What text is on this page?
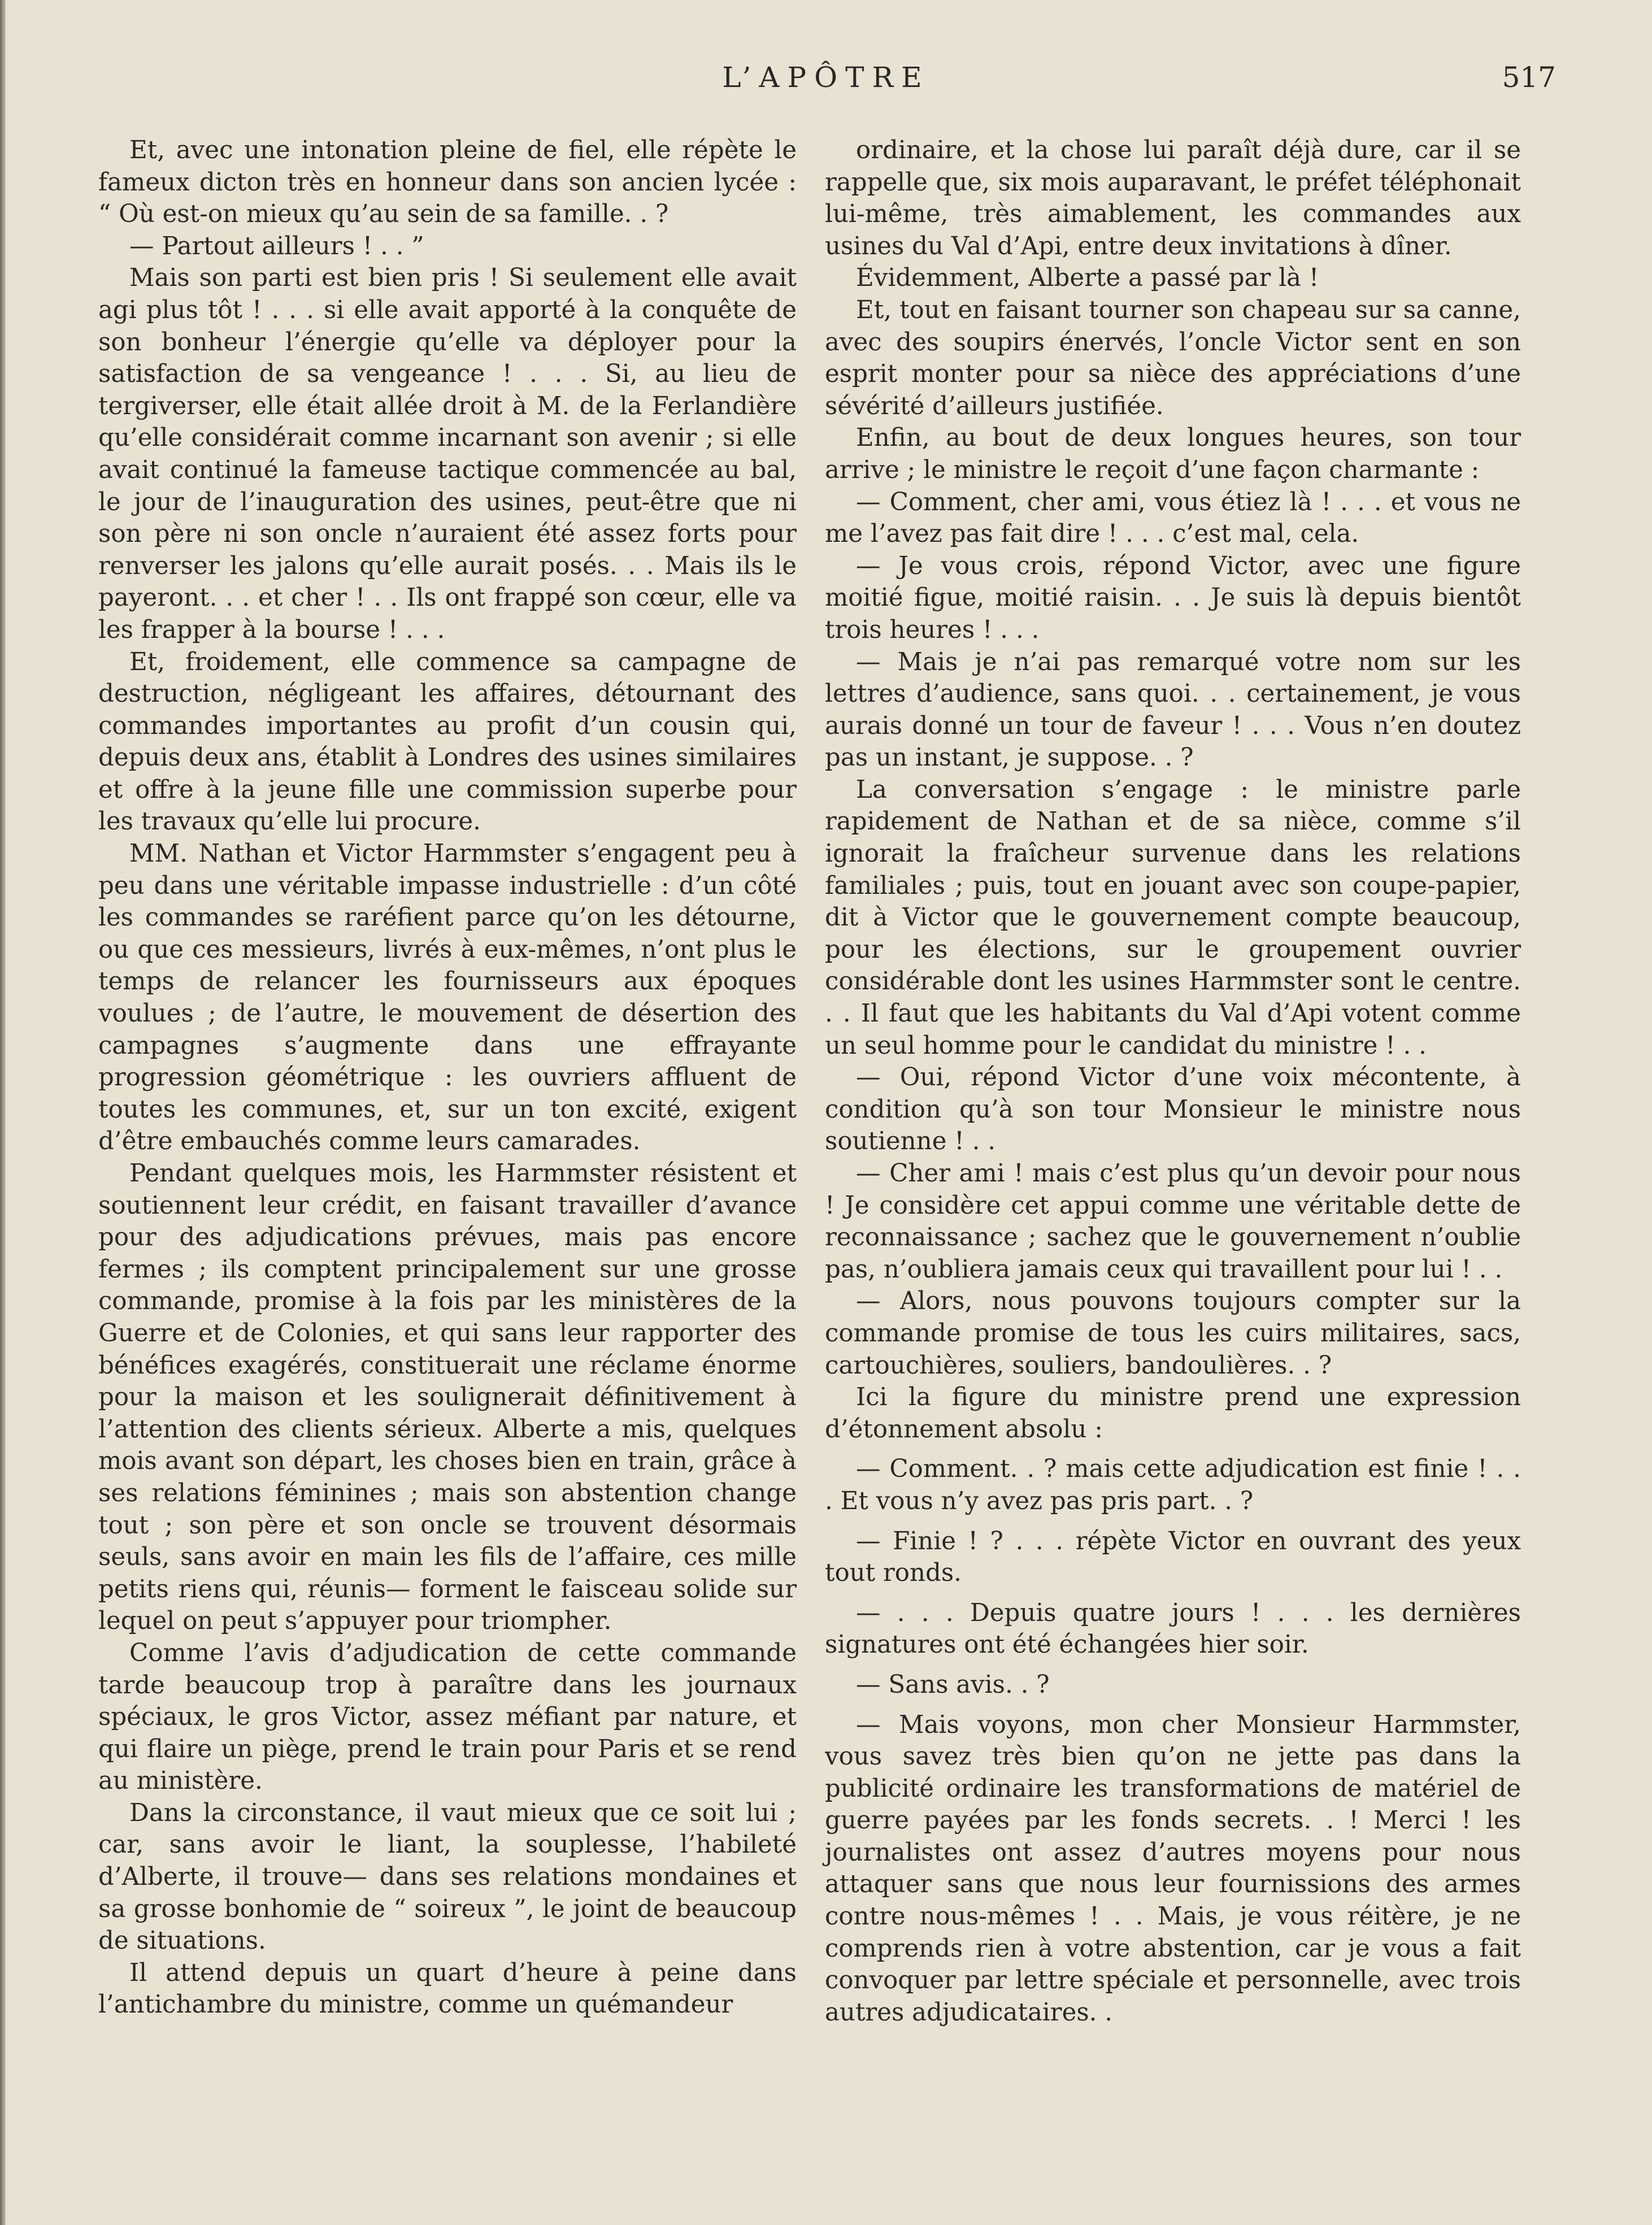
L’APÔTRE	517

Et, avec une intonation pleine de fiel, elle répète le fameux dicton très en honneur dans son ancien lycée : “ Où est-on mieux qu’au sein de sa famille. . ?

— Partout ailleurs ! . . ”

Mais son parti est bien pris ! Si seulement elle avait agi plus tôt ! . . . si elle avait apporté à la conquête de son bonheur l’énergie qu’elle va déployer pour la satisfaction de sa vengeance ! . . . Si, au lieu de tergiverser, elle était allée droit à M. de la Ferlandière qu’elle considérait comme incarnant son avenir ; si elle avait continué la fameuse tactique commencée au bal, le jour de l’inauguration des usines, peut-être que ni son père ni son oncle n’auraient été assez forts pour renverser les jalons qu’elle aurait posés. . . Mais ils le payeront. . . et cher ! . . Ils ont frappé son cœur, elle va les frapper à la bourse ! . . .

Et, froidement, elle commence sa campagne de destruction, négligeant les affaires, détournant des commandes importantes au profit d’un cousin qui, depuis deux ans, établit à Londres des usines similaires et offre à la jeune fille une commission superbe pour les travaux qu’elle lui procure.

MM. Nathan et Victor Harmmster s’engagent peu à peu dans une véritable impasse industrielle : d’un côté les commandes se raréfient parce qu’on les détourne, ou que ces messieurs, livrés à eux-mêmes, n’ont plus le temps de relancer les fournisseurs aux époques voulues ; de l’autre, le mouvement de désertion des campagnes s’augmente dans une effrayante progression géométrique : les ouvriers affluent de toutes les communes, et, sur un ton excité, exigent d’être embauchés comme leurs camarades.

Pendant quelques mois, les Harmmster résistent et soutiennent leur crédit, en faisant travailler d’avance pour des adjudications prévues, mais pas encore fermes ; ils comptent principalement sur une grosse commande, promise à la fois par les ministères de la Guerre et de Colonies, et qui sans leur rapporter des bénéfices exagérés, constituerait une réclame énorme pour la maison et les soulignerait définitivement à l’attention des clients sérieux. Alberte a mis, quelques mois avant son départ, les choses bien en train, grâce à ses relations féminines ; mais son abstention change tout ; son père et son oncle se trouvent désormais seuls, sans avoir en main les fils de l’affaire, ces mille petits riens qui, réunis— forment le faisceau solide sur lequel on peut s’appuyer pour triompher.

Comme l’avis d’adjudication de cette commande tarde beaucoup trop à paraître dans les journaux spéciaux, le gros Victor, assez méfiant par nature, et qui flaire un piège, prend le train pour Paris et se rend au ministère.

Dans la circonstance, il vaut mieux que ce soit lui ; car, sans avoir le liant, la souplesse, l’habileté d’Alberte, il trouve— dans ses relations mondaines et sa grosse bonhomie de “ soireux ”, le joint de beaucoup de situations.

Il attend depuis un quart d’heure à peine dans l’antichambre du ministre, comme un quémandeur

ordinaire, et la chose lui paraît déjà dure, car il se rappelle que, six mois auparavant, le préfet téléphonait lui-même, très aimablement, les commandes aux usines du Val d’Api, entre deux invitations à dîner.

Évidemment, Alberte a passé par là !

Et, tout en faisant tourner son chapeau sur sa canne, avec des soupirs énervés, l’oncle Victor sent en son esprit monter pour sa nièce des appréciations d’une sévérité d’ailleurs justifiée.

Enfin, au bout de deux longues heures, son tour arrive ; le ministre le reçoit d’une façon charmante :

— Comment, cher ami, vous étiez là ! . . . et vous ne me l’avez pas fait dire ! . . . c’est mal, cela.

— Je vous crois, répond Victor, avec une figure moitié figue, moitié raisin. . . Je suis là depuis bientôt trois heures ! . . .

— Mais je n’ai pas remarqué votre nom sur les lettres d’audience, sans quoi. . . certainement, je vous aurais donné un tour de faveur ! . . . Vous n’en doutez pas un instant, je suppose. . ?

La conversation s’engage : le ministre parle rapidement de Nathan et de sa nièce, comme s’il ignorait la fraîcheur survenue dans les relations familiales ; puis, tout en jouant avec son coupe-papier, dit à Victor que le gouvernement compte beaucoup, pour les élections, sur le groupement ouvrier considérable dont les usines Harmmster sont le centre. . . Il faut que les habitants du Val d’Api votent comme un seul homme pour le candidat du ministre ! . .

— Oui, répond Victor d’une voix mécontente, à condition qu’à son tour Monsieur le ministre nous soutienne ! . .

— Cher ami ! mais c’est plus qu’un devoir pour nous ! Je considère cet appui comme une véritable dette de reconnaissance ; sachez que le gouvernement n’oublie pas, n’oubliera jamais ceux qui travaillent pour lui ! . .

— Alors, nous pouvons toujours compter sur la commande promise de tous les cuirs militaires, sacs, cartouchières, souliers, bandoulières. . ?

Ici la figure du ministre prend une expression d’étonnement absolu :

— Comment. . ? mais cette adjudication est finie ! . . . Et vous n’y avez pas pris part. . ?

— Finie ! ? . . . répète Victor en ouvrant des yeux tout ronds.

— . . . Depuis quatre jours ! . . . les dernières signatures ont été échangées hier soir.

— Sans avis. . ?

— Mais voyons, mon cher Monsieur Harmmster, vous savez très bien qu’on ne jette pas dans la publicité ordinaire les transformations de matériel de guerre payées par les fonds secrets. . ! Merci ! les journalistes ont assez d’autres moyens pour nous attaquer sans que nous leur fournissions des armes contre nous-mêmes ! . . Mais, je vous réitère, je ne comprends rien à votre abstention, car je vous a fait convoquer par lettre spéciale et personnelle, avec trois autres adjudicataires. .
